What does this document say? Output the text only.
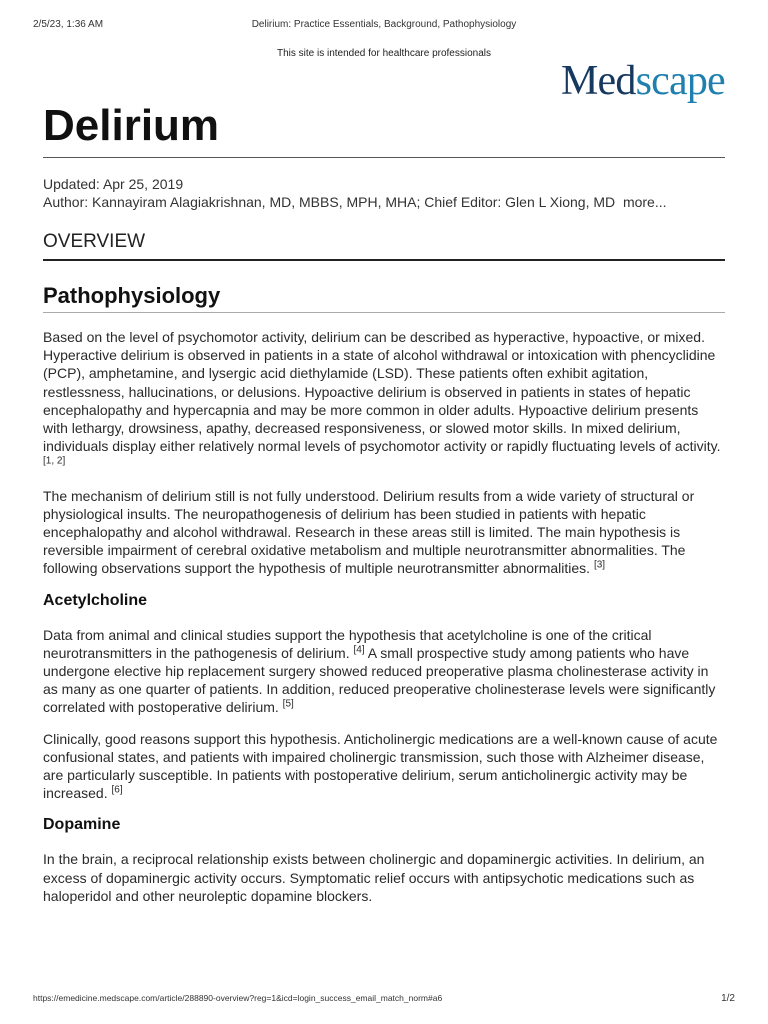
2/5/23, 1:36 AM	Delirium: Practice Essentials, Background, Pathophysiology
This site is intended for healthcare professionals
Medscape
Delirium
Updated: Apr 25, 2019
Author: Kannayiram Alagiakrishnan, MD, MBBS, MPH, MHA; Chief Editor: Glen L Xiong, MD more...
OVERVIEW
Pathophysiology

Based on the level of psychomotor activity, delirium can be described as hyperactive, hypoactive, or mixed. Hyperactive delirium is observed in patients in a state of alcohol withdrawal or intoxication with phencyclidine (PCP), amphetamine, and lysergic acid diethylamide (LSD). These patients often exhibit agitation, restlessness, hallucinations, or delusions. Hypoactive delirium is observed in patients in states of hepatic encephalopathy and hypercapnia and may be more common in older adults. Hypoactive delirium presents with lethargy, drowsiness, apathy, decreased responsiveness, or slowed motor skills. In mixed delirium, individuals display either relatively normal levels of psychomotor activity or rapidly fluctuating levels of activity. [1, 2]

The mechanism of delirium still is not fully understood. Delirium results from a wide variety of structural or physiological insults. The neuropathogenesis of delirium has been studied in patients with hepatic encephalopathy and alcohol withdrawal. Research in these areas still is limited. The main hypothesis is reversible impairment of cerebral oxidative metabolism and multiple neurotransmitter abnormalities. The following observations support the hypothesis of multiple neurotransmitter abnormalities. [3]

Acetylcholine

Data from animal and clinical studies support the hypothesis that acetylcholine is one of the critical neurotransmitters in the pathogenesis of delirium. [4] A small prospective study among patients who have undergone elective hip replacement surgery showed reduced preoperative plasma cholinesterase activity in as many as one quarter of patients. In addition, reduced preoperative cholinesterase levels were significantly correlated with postoperative delirium. [5]

Clinically, good reasons support this hypothesis. Anticholinergic medications are a well-known cause of acute confusional states, and patients with impaired cholinergic transmission, such those with Alzheimer disease, are particularly susceptible. In patients with postoperative delirium, serum anticholinergic activity may be increased. [6]

Dopamine

In the brain, a reciprocal relationship exists between cholinergic and dopaminergic activities. In delirium, an excess of dopaminergic activity occurs. Symptomatic relief occurs with antipsychotic medications such as haloperidol and other neuroleptic dopamine blockers.

https://emedicine.medscape.com/article/288890-overview?reg=1&icd=login_success_email_match_norm#a6	1/2
